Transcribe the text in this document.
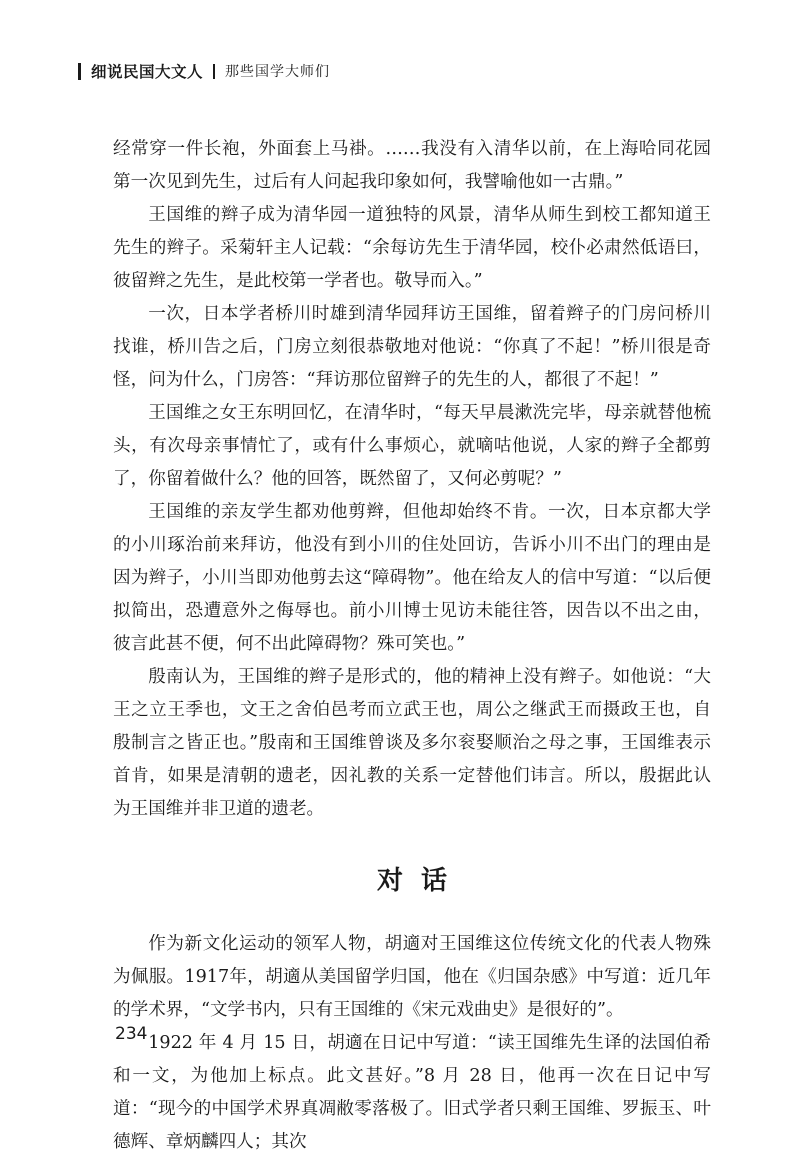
细说民国大文人 那些国学大师们

经常穿一件长袍，外面套上马褂。……我没有入清华以前，在上海哈同花园第一次见到先生，过后有人问起我印象如何，我譬喻他如一古鼎。”

王国维的辫子成为清华园一道独特的风景，清华从师生到校工都知道王先生的辫子。采菊轩主人记载：“余每访先生于清华园，校仆必肃然低语曰，彼留辫之先生，是此校第一学者也。敬导而入。”

一次，日本学者桥川时雄到清华园拜访王国维，留着辫子的门房问桥川找谁，桥川告之后，门房立刻很恭敬地对他说：“你真了不起！”桥川很是奇怪，问为什么，门房答：“拜访那位留辫子的先生的人，都很了不起！”

王国维之女王东明回忆，在清华时，“每天早晨漱洗完毕，母亲就替他梳头，有次母亲事情忙了，或有什么事烦心，就嘀咕他说，人家的辫子全都剪了，你留着做什么？他的回答，既然留了，又何必剪呢？”

王国维的亲友学生都劝他剪辫，但他却始终不肯。一次，日本京都大学的小川琢治前来拜访，他没有到小川的住处回访，告诉小川不出门的理由是因为辫子，小川当即劝他剪去这“障碍物”。他在给友人的信中写道：“以后便拟简出，恐遭意外之侮辱也。前小川博士见访未能往答，因告以不出之由，彼言此甚不便，何不出此障碍物？殊可笑也。”

殷南认为，王国维的辫子是形式的，他的精神上没有辫子。如他说：“大王之立王季也，文王之舍伯邑考而立武王也，周公之继武王而摄政王也，自殷制言之皆正也。”殷南和王国维曾谈及多尔衮娶顺治之母之事，王国维表示首肯，如果是清朝的遗老，因礼教的关系一定替他们讳言。所以，殷据此认为王国维并非卫道的遗老。

对话

作为新文化运动的领军人物，胡適对王国维这位传统文化的代表人物殊为佩服。1917年，胡適从美国留学归国，他在《归国杂感》中写道：近几年的学术界，“文学书内，只有王国维的《宋元戏曲史》是很好的”。

1922 年 4 月 15 日，胡適在日记中写道：“读王国维先生译的法国伯希和一文，为他加上标点。此文甚好。”8 月 28 日，他再一次在日记中写道：“现今的中国学术界真凋敝零落极了。旧式学者只剩王国维、罗振玉、叶德辉、章炳麟四人；其次

234
